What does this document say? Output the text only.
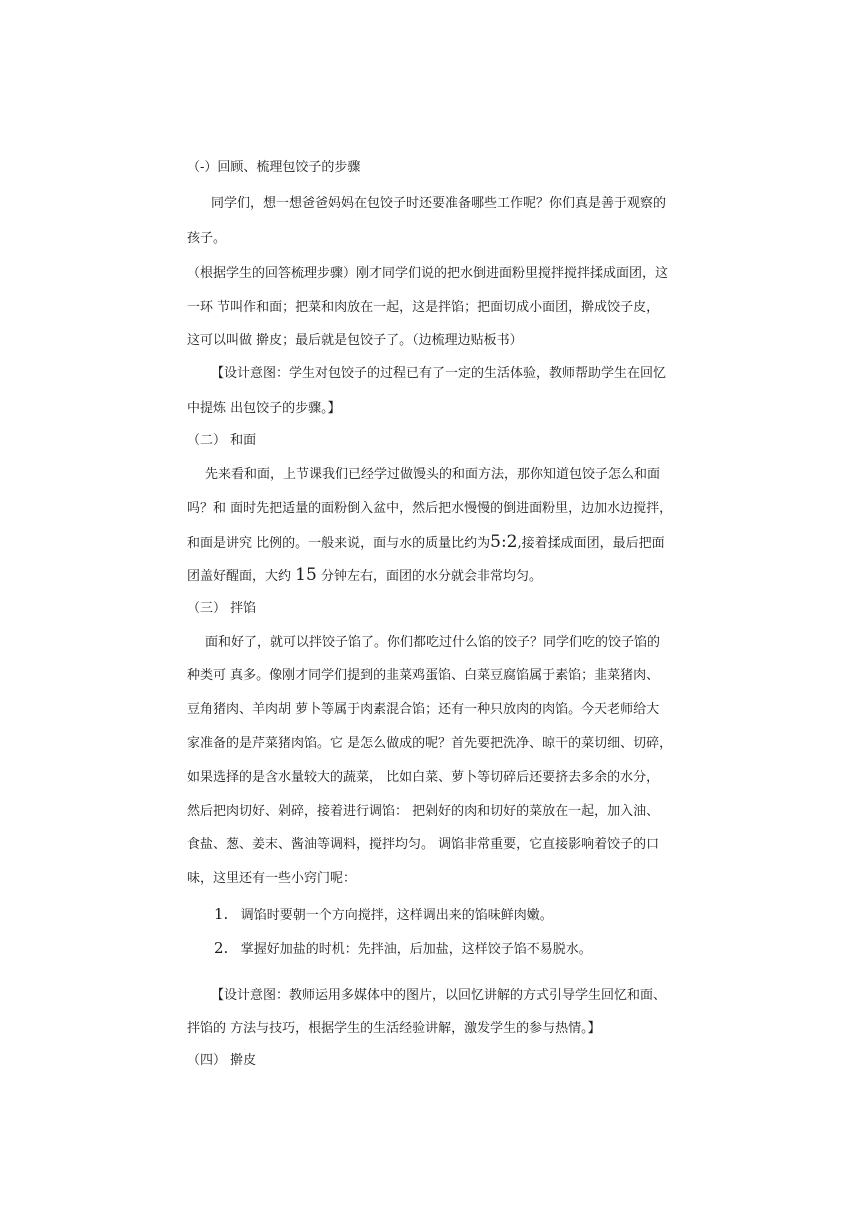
（-）回顾、梳理包饺子的步骤
同学们，想一想爸爸妈妈在包饺子时还要准备哪些工作呢？你们真是善于观察的
孩子。
（根据学生的回答梳理步骤）刚才同学们说的把水倒进面粉里搅拌搅拌揉成面团，这
一环 节叫作和面；把菜和肉放在一起，这是拌馅；把面切成小面团，擀成饺子皮，
这可以叫做 擀皮；最后就是包饺子了。（边梳理边贴板书）
【设计意图：学生对包饺子的过程已有了一定的生活体验，教师帮助学生在回忆
中提炼 出包饺子的步骤。】
（二） 和面
先来看和面，上节课我们已经学过做馒头的和面方法，那你知道包饺子怎么和面
吗？和 面时先把适量的面粉倒入盆中，然后把水慢慢的倒进面粉里，边加水边搅拌，
和面是讲究 比例的。一般来说，面与水的质量比约为5:2,接着揉成面团，最后把面
团盖好醒面，大约 15 分钟左右，面团的水分就会非常均匀。
（三） 拌馅
面和好了，就可以拌饺子馅了。你们都吃过什么馅的饺子？同学们吃的饺子馅的
种类可 真多。像刚才同学们提到的韭菜鸡蛋馅、白菜豆腐馅属于素馅；韭菜猪肉、
豆角猪肉、羊肉胡 萝卜等属于肉素混合馅；还有一种只放肉的肉馅。今天老师给大
家准备的是芹菜猪肉馅。它 是怎么做成的呢？首先要把洗净、晾干的菜切细、切碎，
如果选择的是含水量较大的蔬菜， 比如白菜、萝卜等切碎后还要挤去多余的水分，
然后把肉切好、剁碎，接着进行调馅： 把剁好的肉和切好的菜放在一起，加入油、
食盐、葱、姜末、酱油等调料，搅拌均匀。 调馅非常重要，它直接影响着饺子的口
味，这里还有一些小窍门呢：
1. 调馅时要朝一个方向搅拌，这样调出来的馅味鲜肉嫩。
2. 掌握好加盐的时机：先拌油，后加盐，这样饺子馅不易脱水。
【设计意图：教师运用多媒体中的图片，以回忆讲解的方式引导学生回忆和面、
拌馅的 方法与技巧，根据学生的生活经验讲解，激发学生的参与热情。】
（四） 擀皮
